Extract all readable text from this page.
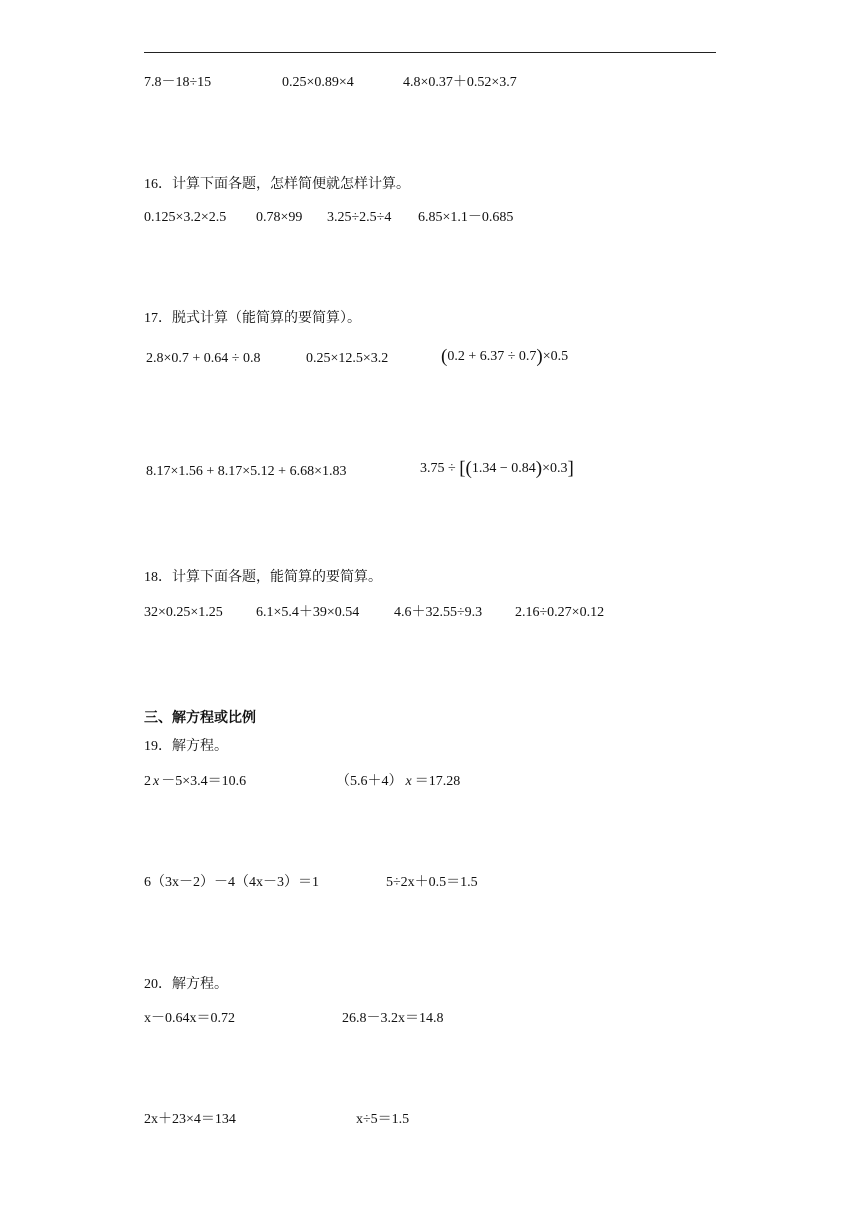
7.8－18÷15	0.25×0.89×4	4.8×0.37＋0.52×3.7
16．计算下面各题，怎样简便就怎样计算。
0.125×3.2×2.5 0.78×99 3.25÷2.5÷4 6.85×1.1－0.685
17．脱式计算（能简算的要简算）。
2.8×0.7 + 0.64 ÷ 0.8	0.25×12.5×3.2	(0.2 + 6.37 ÷ 0.7)×0.5
8.17×1.56 + 8.17×5.12 + 6.68×1.83	3.75 ÷ [(1.34 − 0.84)×0.3]
18．计算下面各题，能简算的要简算。
32×0.25×1.25 6.1×5.4＋39×0.54 4.6＋32.55÷9.3 2.16÷0.27×0.12
三、解方程或比例
19．解方程。
2 x －5×3.4＝10.6	（5.6＋4） x ＝17.28
6（3x－2）－4（4x－3）＝1	5÷2x＋0.5＝1.5
20．解方程。
x－0.64x＝0.72	26.8－3.2x＝14.8
2x＋23×4＝134	x÷5＝1.5
